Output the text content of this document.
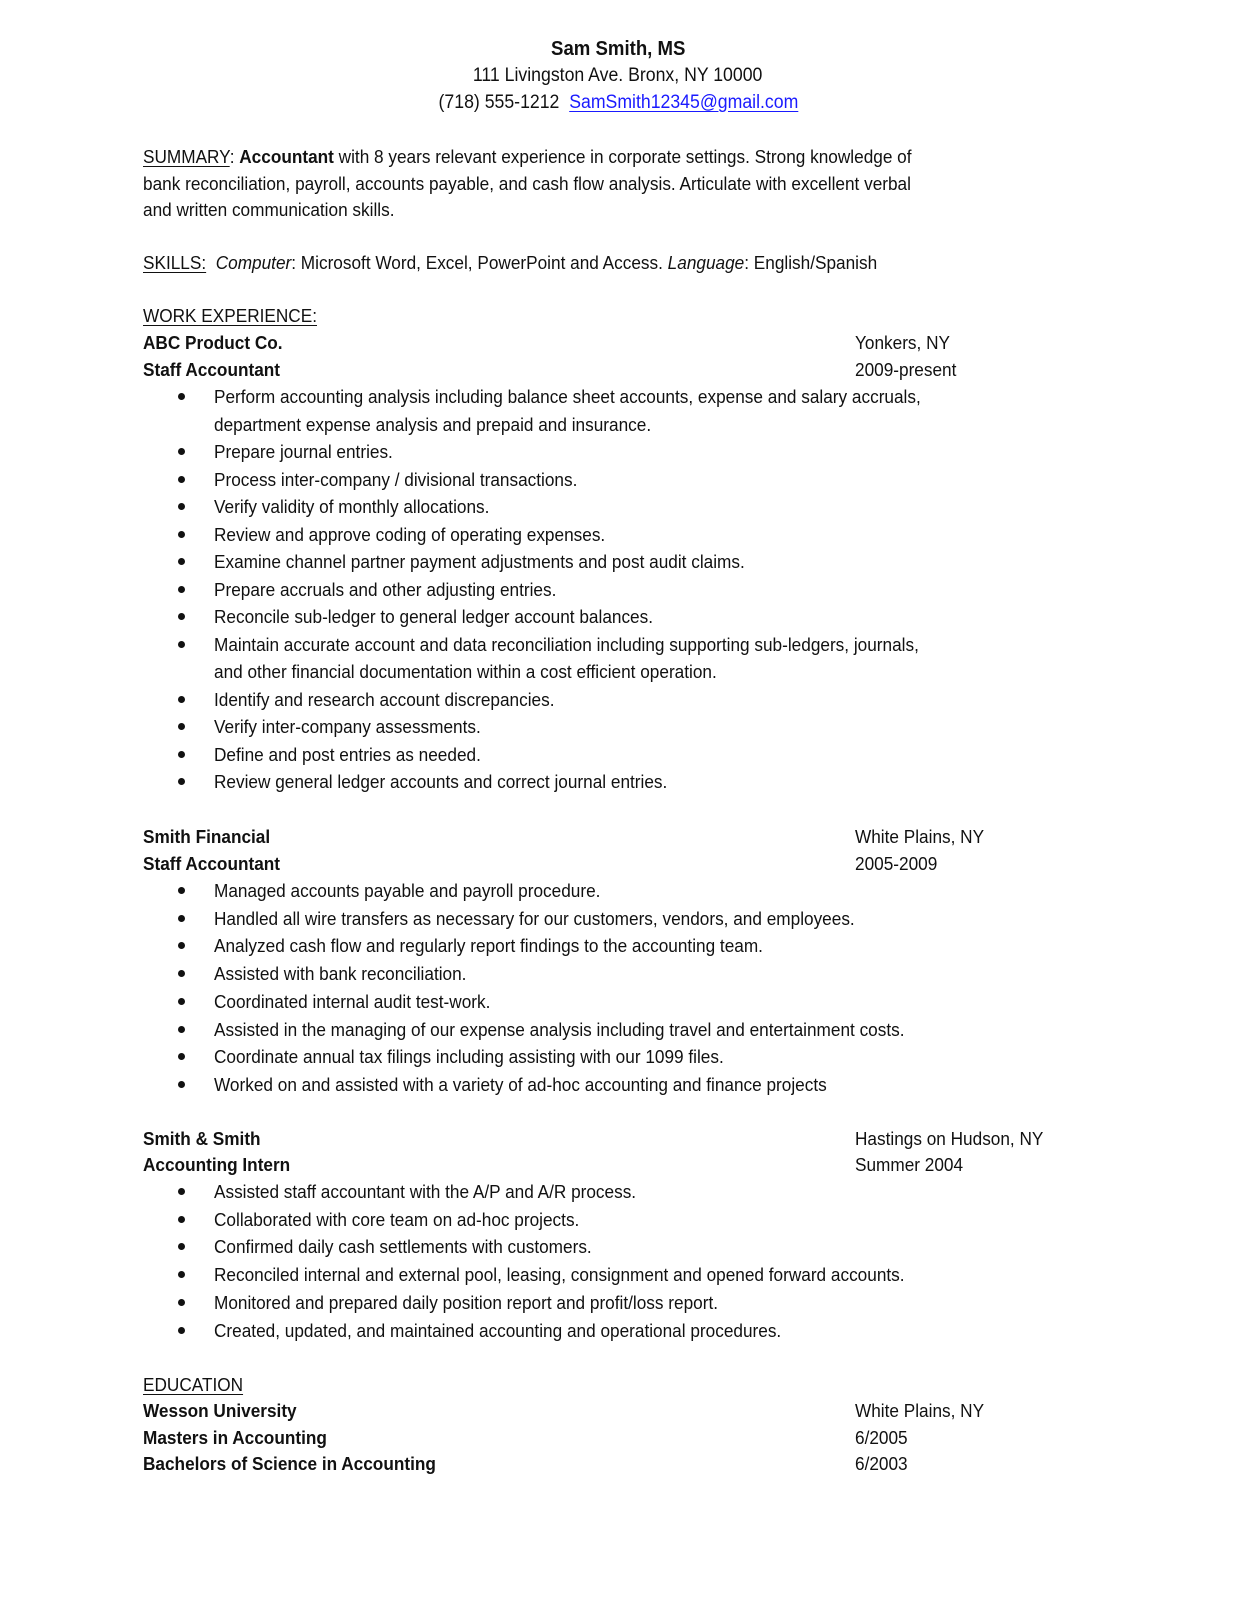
Sam Smith, MS
111 Livingston Ave. Bronx, NY 10000
(718) 555-1212 SamSmith12345@gmail.com
SUMMARY: Accountant with 8 years relevant experience in corporate settings. Strong knowledge of
bank reconciliation, payroll, accounts payable, and cash flow analysis. Articulate with excellent verbal
and written communication skills.
SKILLS: Computer: Microsoft Word, Excel, PowerPoint and Access. Language: English/Spanish
WORK EXPERIENCE:
ABC Product Co.	Yonkers, NY
Staff Accountant	2009-present
Perform accounting analysis including balance sheet accounts, expense and salary accruals,
department expense analysis and prepaid and insurance.
Prepare journal entries.
Process inter-company / divisional transactions.
Verify validity of monthly allocations.
Review and approve coding of operating expenses.
Examine channel partner payment adjustments and post audit claims.
Prepare accruals and other adjusting entries.
Reconcile sub-ledger to general ledger account balances.
Maintain accurate account and data reconciliation including supporting sub-ledgers, journals,
and other financial documentation within a cost efficient operation.
Identify and research account discrepancies.
Verify inter-company assessments.
Define and post entries as needed.
Review general ledger accounts and correct journal entries.
Smith Financial	White Plains, NY
Staff Accountant	2005-2009
Managed accounts payable and payroll procedure.
Handled all wire transfers as necessary for our customers, vendors, and employees.
Analyzed cash flow and regularly report findings to the accounting team.
Assisted with bank reconciliation.
Coordinated internal audit test-work.
Assisted in the managing of our expense analysis including travel and entertainment costs.
Coordinate annual tax filings including assisting with our 1099 files.
Worked on and assisted with a variety of ad-hoc accounting and finance projects
Smith & Smith	Hastings on Hudson, NY
Accounting Intern	Summer 2004
Assisted staff accountant with the A/P and A/R process.
Collaborated with core team on ad-hoc projects.
Confirmed daily cash settlements with customers.
Reconciled internal and external pool, leasing, consignment and opened forward accounts.
Monitored and prepared daily position report and profit/loss report.
Created, updated, and maintained accounting and operational procedures.
EDUCATION
Wesson University	White Plains, NY
Masters in Accounting	6/2005
Bachelors of Science in Accounting	6/2003
